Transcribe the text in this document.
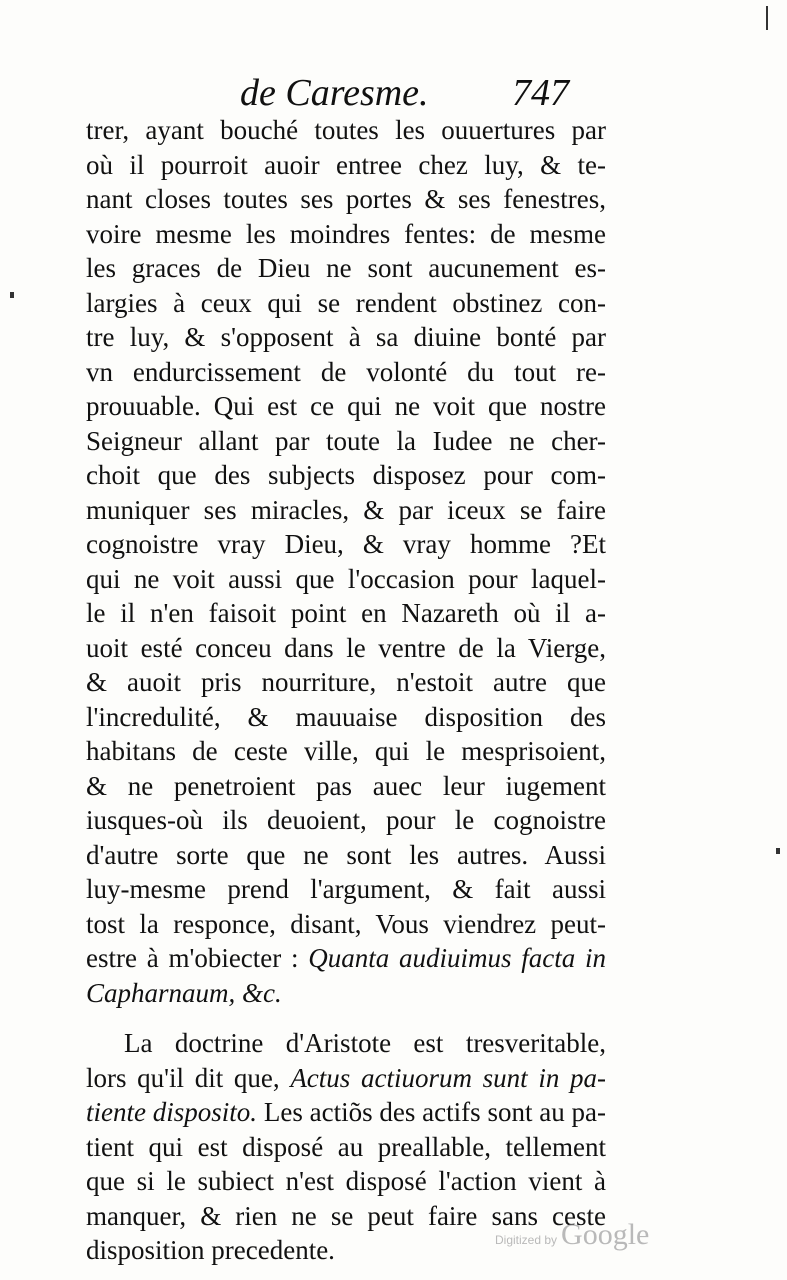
de Caresme. 747
trer, ayant bouché toutes les ouuertures par
où il pourroit auoir entree chez luy, & te-
nant closes toutes ses portes & ses fenestres,
voire mesme les moindres fentes: de mesme
les graces de Dieu ne sont aucunement es-
largies à ceux qui se rendent obstinez con-
tre luy, & s'opposent à sa diuine bonté par
vn endurcissement de volonté du tout re-
prouuable. Qui est ce qui ne voit que nostre
Seigneur allant par toute la Iudee ne cher-
choit que des subjects disposez pour com-
muniquer ses miracles, & par iceux se faire
cognoistre vray Dieu, & vray homme ?Et
qui ne voit aussi que l'occasion pour laquel-
le il n'en faisoit point en Nazareth où il a-
uoit esté conceu dans le ventre de la Vierge,
& auoit pris nourriture, n'estoit autre que
l'incredulité, & mauuaise disposition des
habitans de ceste ville, qui le mesprisoient,
& ne penetroient pas auec leur iugement
iusques-où ils deuoient, pour le cognoistre
d'autre sorte que ne sont les autres. Aussi
luy-mesme prend l'argument, & fait aussi
tost la responce, disant, Vous viendrez peut-
estre à m'obiecter : Quanta audiuimus facta in
Capharnaum, &c.
La doctrine d'Aristote est tresveritable,
lors qu'il dit que, Actus actiuorum sunt in pa-
tiente disposito. Les actiõs des actifs sont au pa-
tient qui est disposé au preallable, tellement
que si le subiect n'est disposé l'action vient à
manquer, & rien ne se peut faire sans ceste
disposition precedente.	Digitized by Google
